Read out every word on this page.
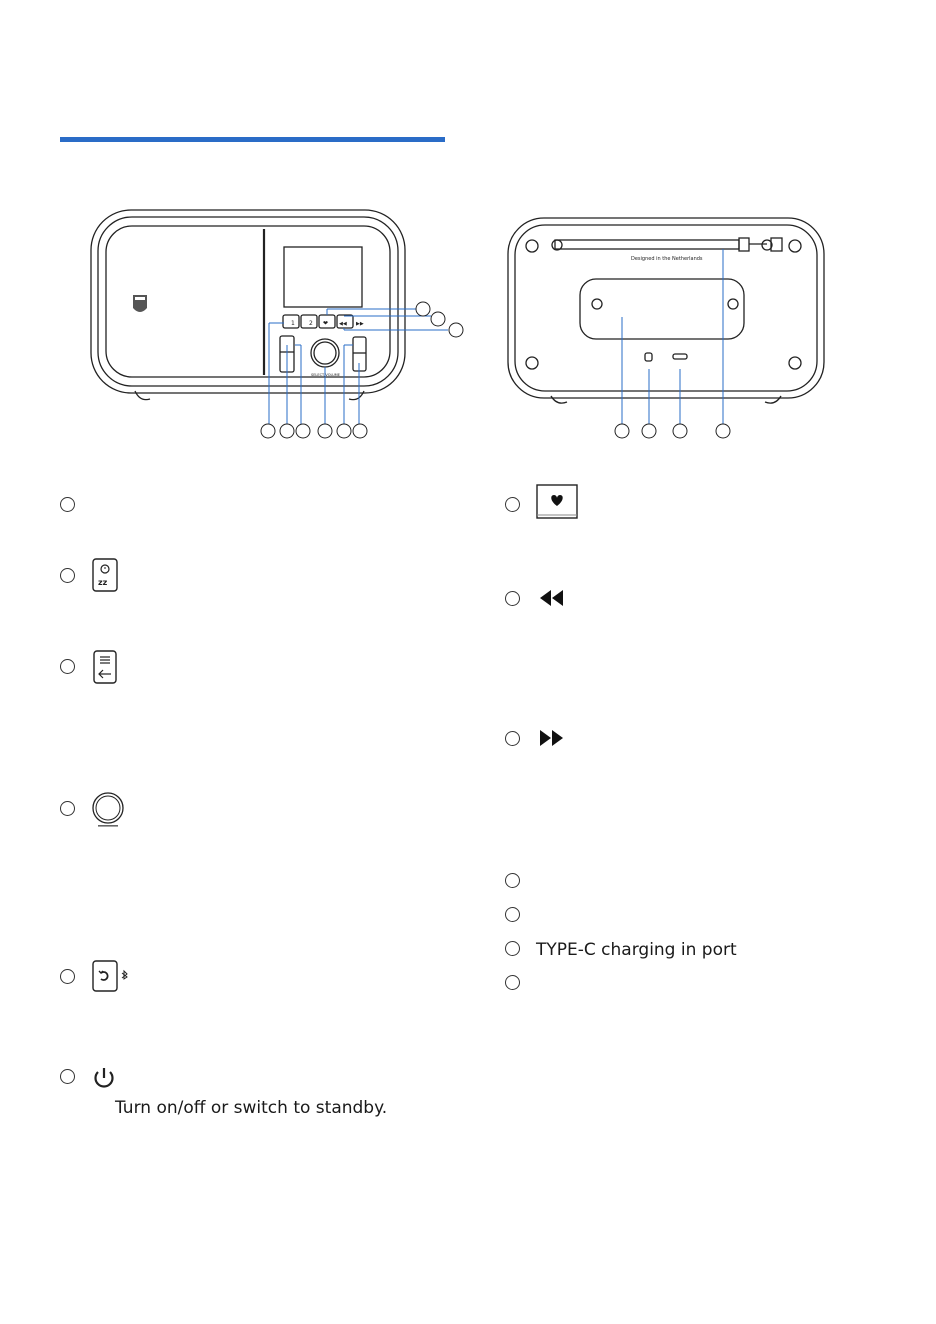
1 2 ❤ ◀◀ ▶▶
SELECT/VOLUME
Designed in the Netherlands
zz
Turn on/off or switch to standby.
TYPE-C charging in port
